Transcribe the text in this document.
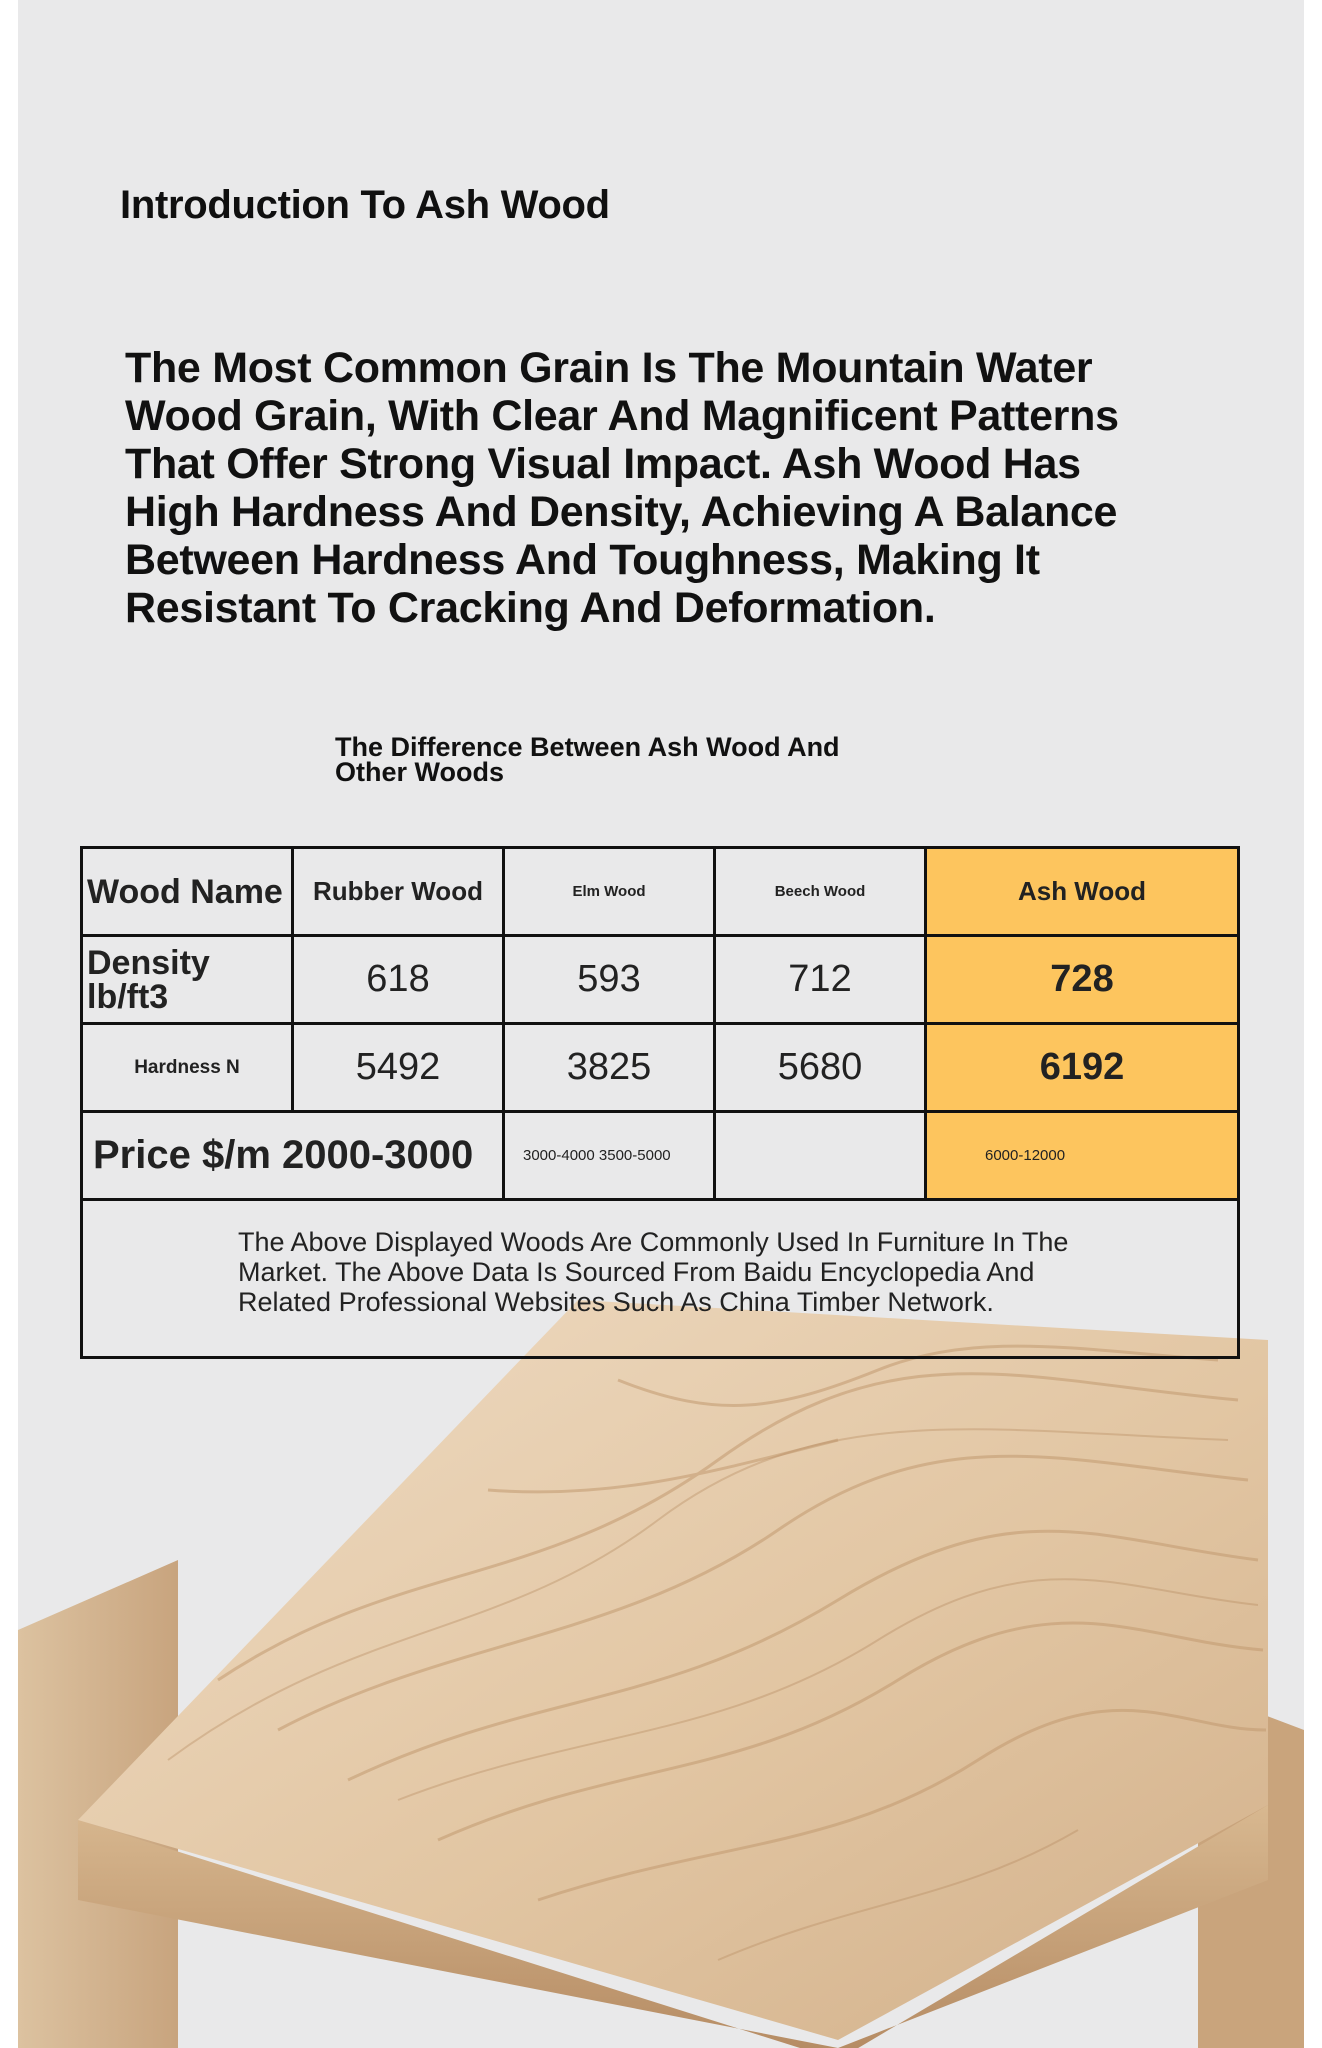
Introduction To Ash Wood

The Most Common Grain Is The Mountain Water Wood Grain, With Clear And Magnificent Patterns That Offer Strong Visual Impact. Ash Wood Has High Hardness And Density, Achieving A Balance Between Hardness And Toughness, Making It Resistant To Cracking And Deformation.

The Difference Between Ash Wood And Other Woods
Wood Name	Rubber Wood	Elm Wood	Beech Wood	Ash Wood
Density lb/ft3	618	593	712	728
Hardness N	5492	3825	5680	6192
Price $/m 2000-3000		3000-4000 3500-5000		6000-12000
The Above Displayed Woods Are Commonly Used In Furniture In The Market. The Above Data Is Sourced From Baidu Encyclopedia And Related Professional Websites Such As China Timber Network.				
